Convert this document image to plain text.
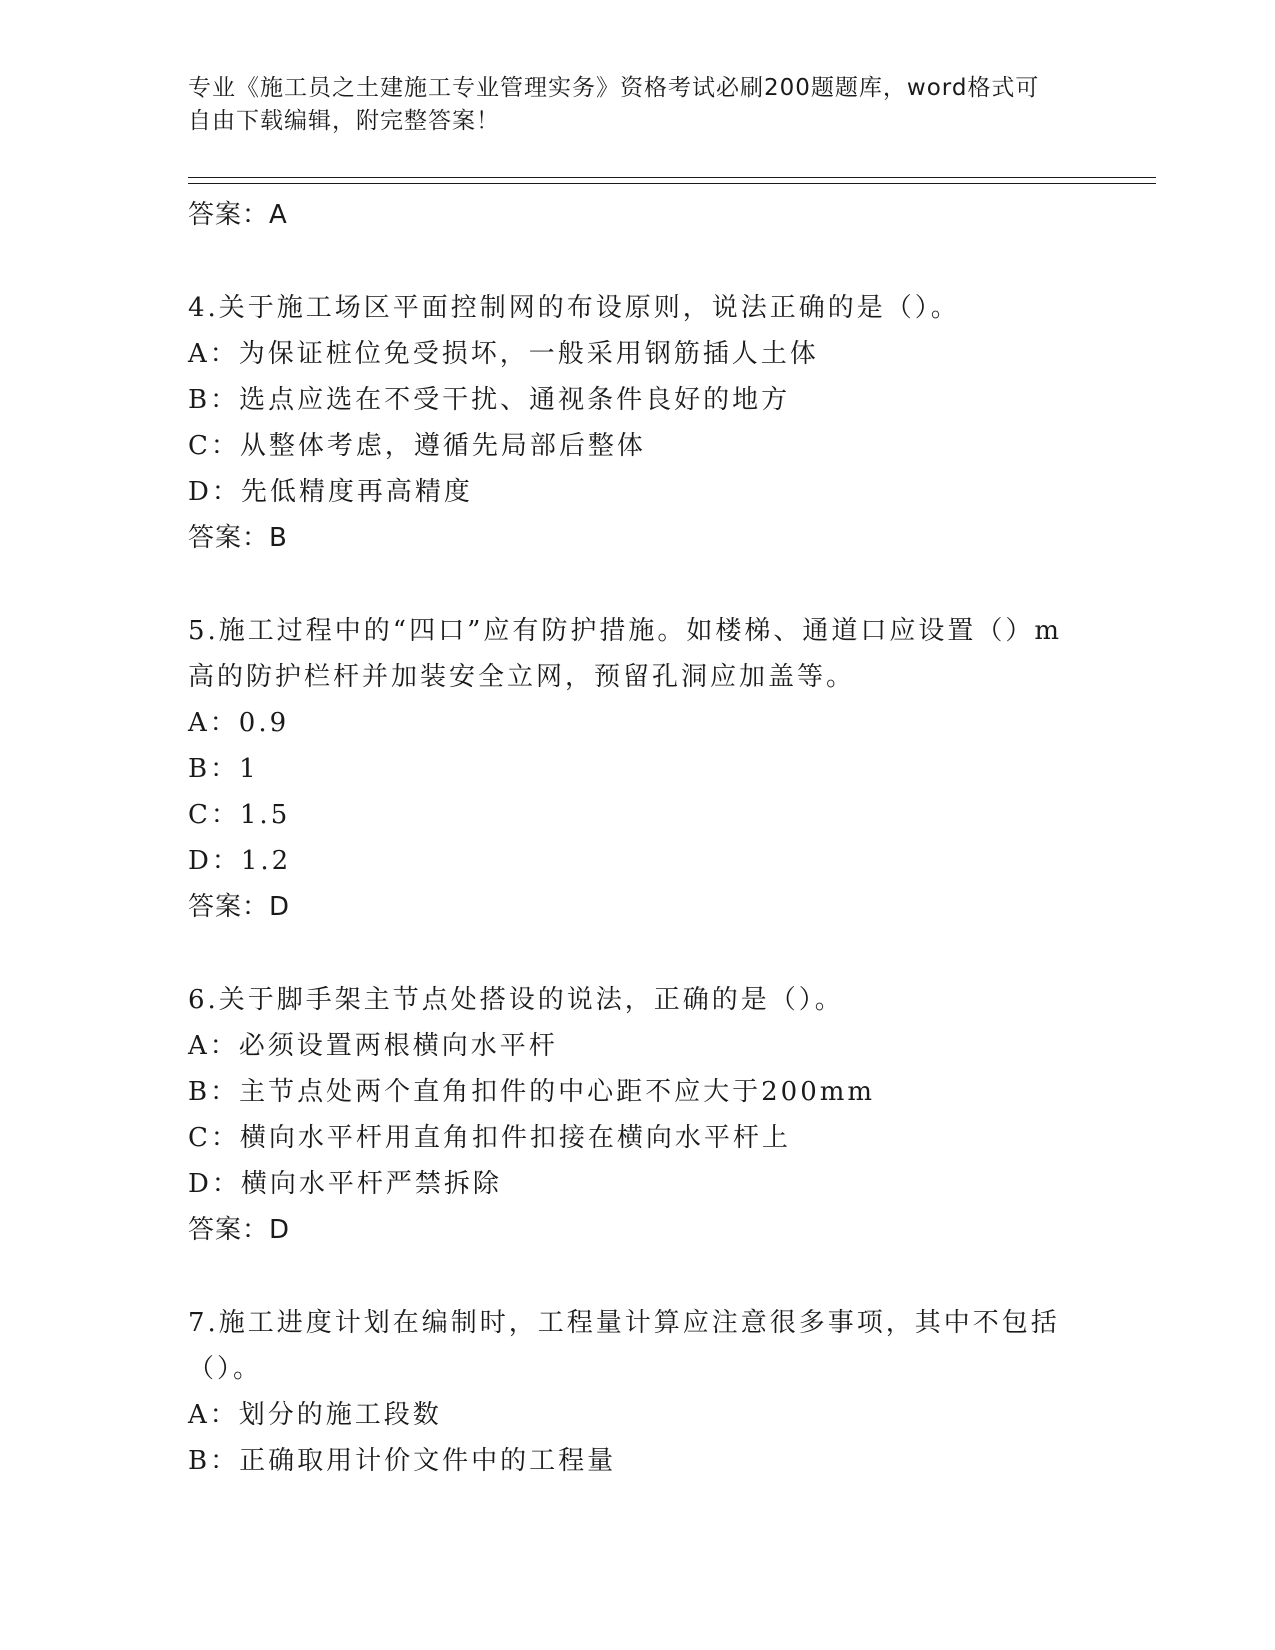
专业《施工员之土建施工专业管理实务》资格考试必刷200题题库，word格式可
自由下载编辑，附完整答案！
答案：A
4.关于施工场区平面控制网的布设原则，说法正确的是（）。
A：为保证桩位免受损坏，一般采用钢筋插人土体
B：选点应选在不受干扰、通视条件良好的地方
C：从整体考虑，遵循先局部后整体
D：先低精度再高精度
答案：B
5.施工过程中的“四口”应有防护措施。如楼梯、通道口应设置（）m
高的防护栏杆并加装安全立网，预留孔洞应加盖等。
A：0.9
B：1
C：1.5
D：1.2
答案：D
6.关于脚手架主节点处搭设的说法，正确的是（）。
A：必须设置两根横向水平杆
B：主节点处两个直角扣件的中心距不应大于200mm
C：横向水平杆用直角扣件扣接在横向水平杆上
D：横向水平杆严禁拆除
答案：D
7.施工进度计划在编制时，工程量计算应注意很多事项，其中不包括
（）。
A：划分的施工段数
B：正确取用计价文件中的工程量
